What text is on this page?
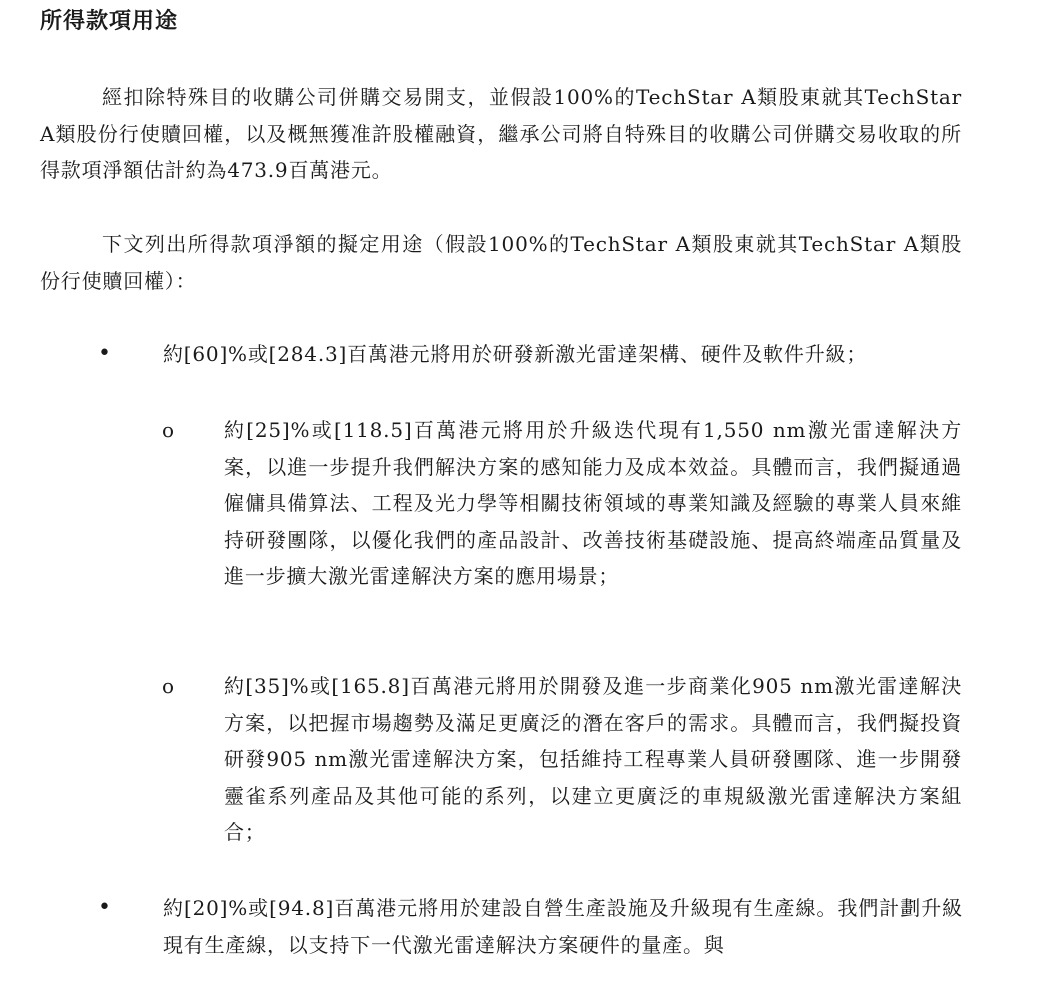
所得款項用途
經扣除特殊目的收購公司併購交易開支，並假設100%的TechStar A類股東就其TechStar A類股份行使贖回權，以及概無獲准許股權融資，繼承公司將自特殊目的收購公司併購交易收取的所得款項淨額估計約為473.9百萬港元。
下文列出所得款項淨額的擬定用途（假設100%的TechStar A類股東就其TechStar A類股份行使贖回權）：
•	約[60]%或[284.3]百萬港元將用於研發新激光雷達架構、硬件及軟件升級；
o 約[25]%或[118.5]百萬港元將用於升級迭代現有1,550 nm激光雷達解決方案，以進一步提升我們解決方案的感知能力及成本效益。具體而言，我們擬通過僱傭具備算法、工程及光力學等相關技術領域的專業知識及經驗的專業人員來維持研發團隊，以優化我們的產品設計、改善技術基礎設施、提高終端產品質量及進一步擴大激光雷達解決方案的應用場景；
o 約[35]%或[165.8]百萬港元將用於開發及進一步商業化905 nm激光雷達解決方案，以把握市場趨勢及滿足更廣泛的潛在客戶的需求。具體而言，我們擬投資研發905 nm激光雷達解決方案，包括維持工程專業人員研發團隊、進一步開發靈雀系列產品及其他可能的系列，以建立更廣泛的車規級激光雷達解決方案組合；
•	約[20]%或[94.8]百萬港元將用於建設自營生產設施及升級現有生產線。我們計劃升級現有生產線，以支持下一代激光雷達解決方案硬件的量產。與
